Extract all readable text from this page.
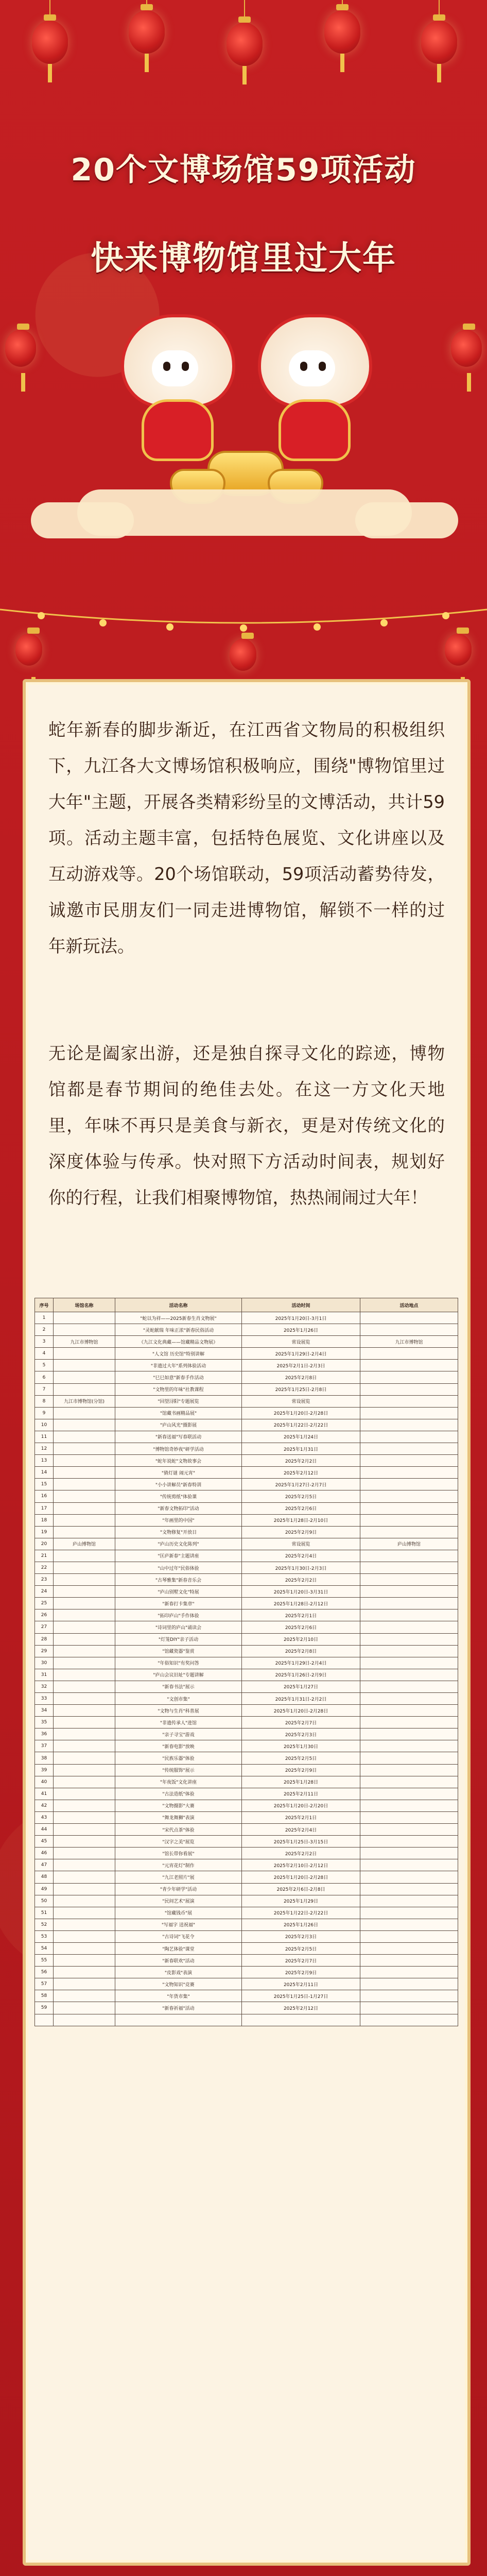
20个文博场馆59项活动
快来博物馆里过大年
蛇年新春的脚步渐近，在江西省文物局的积极组织下，九江各大文博场馆积极响应，围绕"博物馆里过大年"主题，开展各类精彩纷呈的文博活动，共计59项。活动主题丰富，包括特色展览、文化讲座以及互动游戏等。20个场馆联动，59项活动蓄势待发，诚邀市民朋友们一同走进博物馆，解锁不一样的过年新玩法。
无论是阖家出游，还是独自探寻文化的踪迹，博物馆都是春节期间的绝佳去处。在这一方文化天地里，年味不再只是美食与新衣，更是对传统文化的深度体验与传承。快对照下方活动时间表，规划好你的行程，让我们相聚博物馆，热热闹闹过大年！
序号	场馆名称	活动名称	活动时间	活动地点
1		"蛇以为祥——2025新春生肖文物展"	2025年1月20日-3月1日	
2		"灵蛇献瑞 年味正浓"新春民俗活动	2025年1月26日	
3	九江市博物馆	《九江文化典藏——馆藏精品文物展》	常设展览	九江市博物馆
4		"人文馆 历史馆"特别讲解	2025年1月29日-2月4日	
5		"非遗过大年"系列体验活动	2025年2月1日-2月3日	
6		"巳巳如意"新春手作活动	2025年2月8日	
7		"文物里的年味"社教课程	2025年1月25日-2月8日	
8	九江市博物馆(分馆)	"回望浔阳"专题展览	常设展览	
9		"馆藏书画精品展"	2025年1月20日-2月28日	
10		"庐山风光"摄影展	2025年1月22日-2月22日	
11		"新春送福"写春联活动	2025年1月24日	
12		"博物馆奇妙夜"研学活动	2025年1月31日	
13		"蛇年说蛇"文物故事会	2025年2月2日	
14		"猜灯谜 闹元宵"	2025年2月12日	
15		"小小讲解员"新春特训	2025年1月27日-2月7日	
16		"传统剪纸"体验课	2025年2月5日	
17		"新春文物拓印"活动	2025年2月6日	
18		"年画里的中国"	2025年1月28日-2月10日	
19		"文物修复"开放日	2025年2月9日	
20	庐山博物馆	"庐山历史文化陈列"	常设展览	庐山博物馆
21		"匡庐新春"主题讲座	2025年2月4日	
22		"山中过年"民俗体验	2025年1月30日-2月3日	
23		"古琴雅集"新春音乐会	2025年2月2日	
24		"庐山别墅文化"特展	2025年1月20日-3月31日	
25		"新春打卡集章"	2025年1月28日-2月12日	
26		"拓印庐山"手作体验	2025年2月1日	
27		"诗词里的庐山"诵读会	2025年2月6日	
28		"灯笼DIY"亲子活动	2025年2月10日	
29		"馆藏瓷器"鉴赏	2025年2月8日	
30		"年俗知识"有奖问答	2025年1月29日-2月4日	
31		"庐山会议旧址"专题讲解	2025年1月26日-2月9日	
32		"新春书法"展示	2025年1月27日	
33		"文创市集"	2025年1月31日-2月2日	
34		"文物与生肖"科普展	2025年1月20日-2月28日	
35		"非遗传承人"进馆	2025年2月7日	
36		"亲子寻宝"游戏	2025年2月3日	
37		"新春电影"放映	2025年1月30日	
38		"民族乐器"体验	2025年2月5日	
39		"传统服饰"展示	2025年2月9日	
40		"年夜饭"文化讲座	2025年1月28日	
41		"古法造纸"体验	2025年2月11日	
42		"文物摄影"大赛	2025年1月20日-2月20日	
43		"舞龙舞狮"表演	2025年2月1日	
44		"宋代点茶"体验	2025年2月4日	
45		"汉字之美"展览	2025年1月25日-3月15日	
46		"馆长带你看展"	2025年2月2日	
47		"元宵花灯"制作	2025年2月10日-2月12日	
48		"九江老照片"展	2025年1月20日-2月28日	
49		"青少年研学"活动	2025年2月6日-2月8日	
50		"民间艺术"展演	2025年1月29日	
51		"馆藏钱币"展	2025年1月22日-2月22日	
52		"写福字 送祝福"	2025年1月26日	
53		"古诗词"飞花令	2025年2月3日	
54		"陶艺体验"课堂	2025年2月5日	
55		"新春联欢"活动	2025年2月7日	
56		"皮影戏"表演	2025年2月9日	
57		"文物知识"竞赛	2025年2月11日	
58		"年货市集"	2025年1月25日-1月27日	
59		"新春祈福"活动	2025年2月12日	
